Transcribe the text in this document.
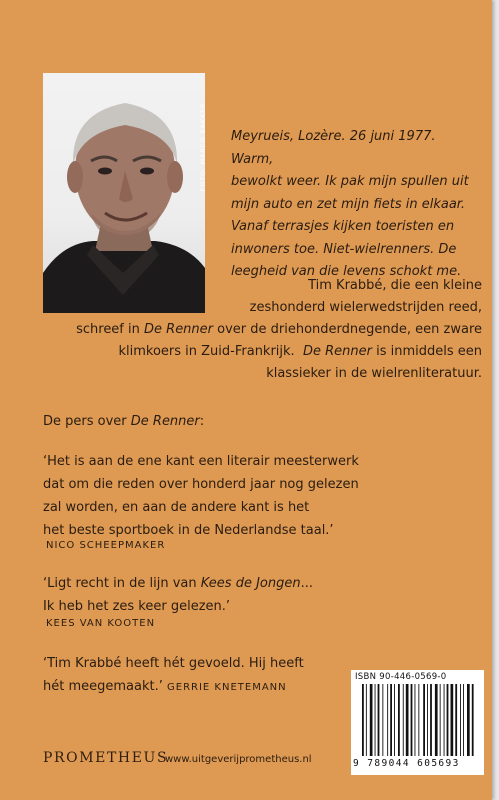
FOTO: MARCO BAKKER Meyrueis, Lozère. 26 juni 1977. Warm,
bewolkt weer. Ik pak mijn spullen uit
mijn auto en zet mijn fiets in elkaar.
Vanaf terrasjes kijken toeristen en
inwoners toe. Niet-wielrenners. De
leegheid van die levens schokt me.
Tim Krabbé, die een kleine
zeshonderd wielerwedstrijden reed,
schreef in De Renner over de driehonderdnegende, een zware
klimkoers in Zuid-Frankrijk. De Renner is inmiddels een
klassieker in de wielrenliteratuur.
De pers over De Renner:
‘Het is aan de ene kant een literair meesterwerk
dat om die reden over honderd jaar nog gelezen
zal worden, en aan de andere kant is het
het beste sportboek in de Nederlandse taal.’
NICO SCHEEPMAKER
‘Ligt recht in de lijn van Kees de Jongen...
Ik heb het zes keer gelezen.’
KEES VAN KOOTEN
‘Tim Krabbé heeft hét gevoeld. Hij heeft
hét meegemaakt.’ GERRIE KNETEMANN
ISBN 90-446-0569-0
9 789044 605693
PROMETHEUS
www.uitgeverijprometheus.nl
